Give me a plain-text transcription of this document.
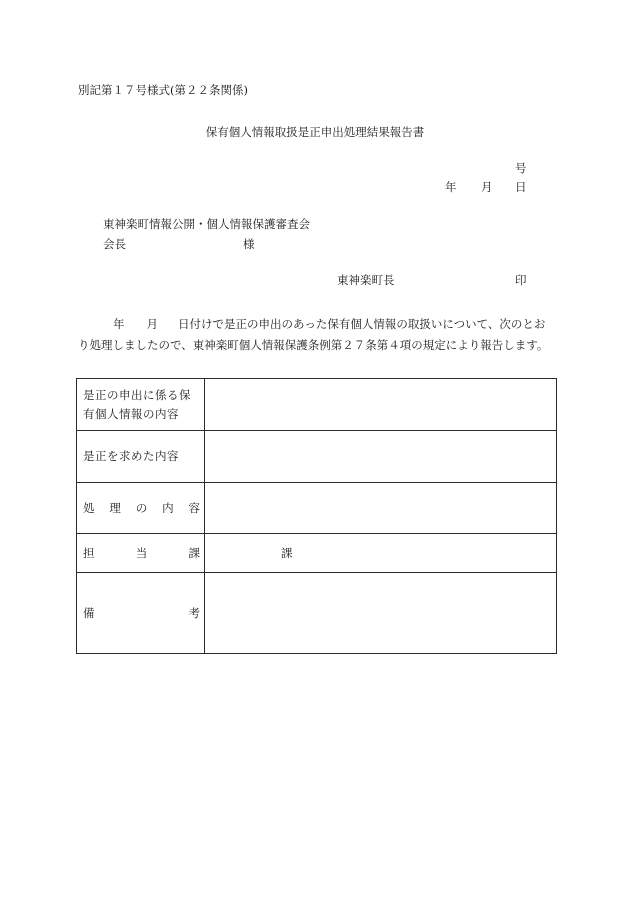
別記第１７号様式(第２２条関係)
保有個人情報取扱是正申出処理結果報告書
号
年 月 日
東神楽町情報公開・個人情報保護審査会
会長	様
東神楽町長	印
年 月 日付けで是正の申出のあった保有個人情報の取扱いについて、次のとおり処理しましたので、東神楽町個人情報保護条例第２７条第４項の規定により報告します。
是正の申出に係る保
有個人情報の内容	

是正を求めた内容	

処 理 の 内 容	

担 当 課	課

備 考	
